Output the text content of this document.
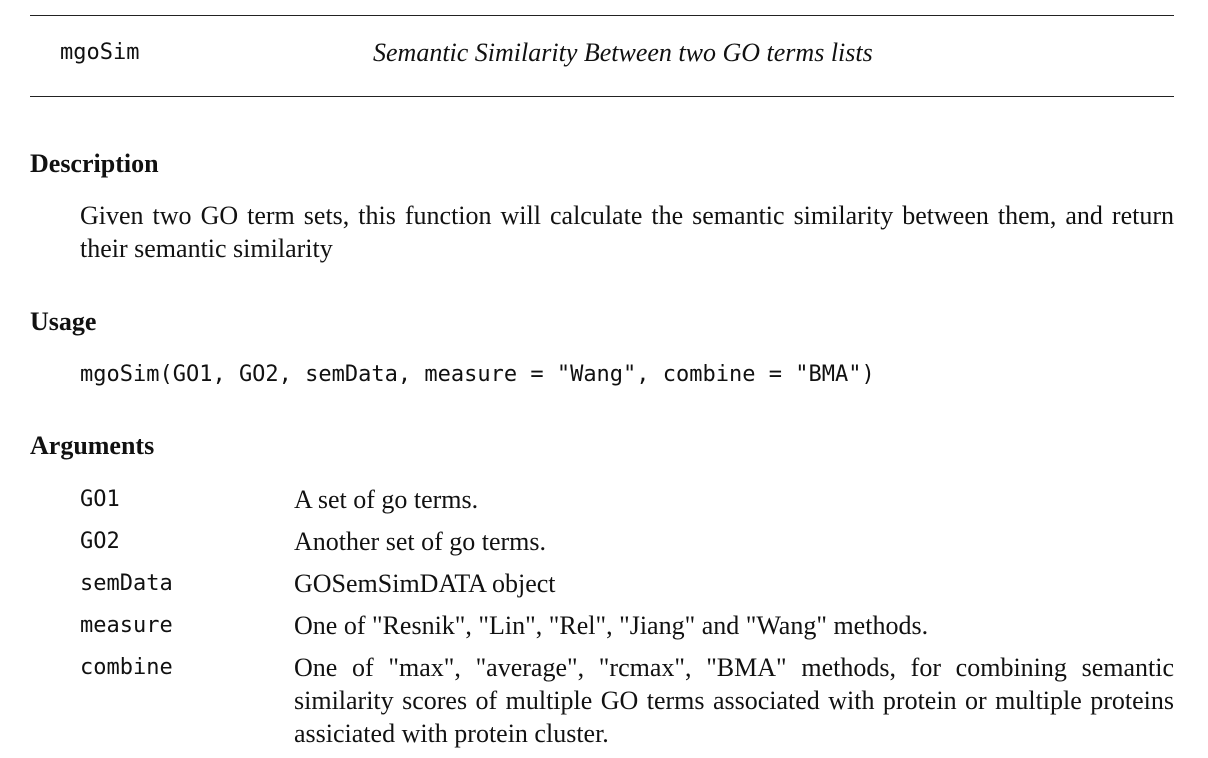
mgoSim	Semantic Similarity Between two GO terms lists
Description
Given two GO term sets, this function will calculate the semantic similarity between them, and return their semantic similarity
Usage
mgoSim(GO1, GO2, semData, measure = "Wang", combine = "BMA")
Arguments
GO1	A set of go terms.
GO2	Another set of go terms.
semData	GOSemSimDATA object
measure	One of "Resnik", "Lin", "Rel", "Jiang" and "Wang" methods.
combine	One of "max", "average", "rcmax", "BMA" methods, for combining semantic similarity scores of multiple GO terms associated with protein or multiple proteins assiciated with protein cluster.
